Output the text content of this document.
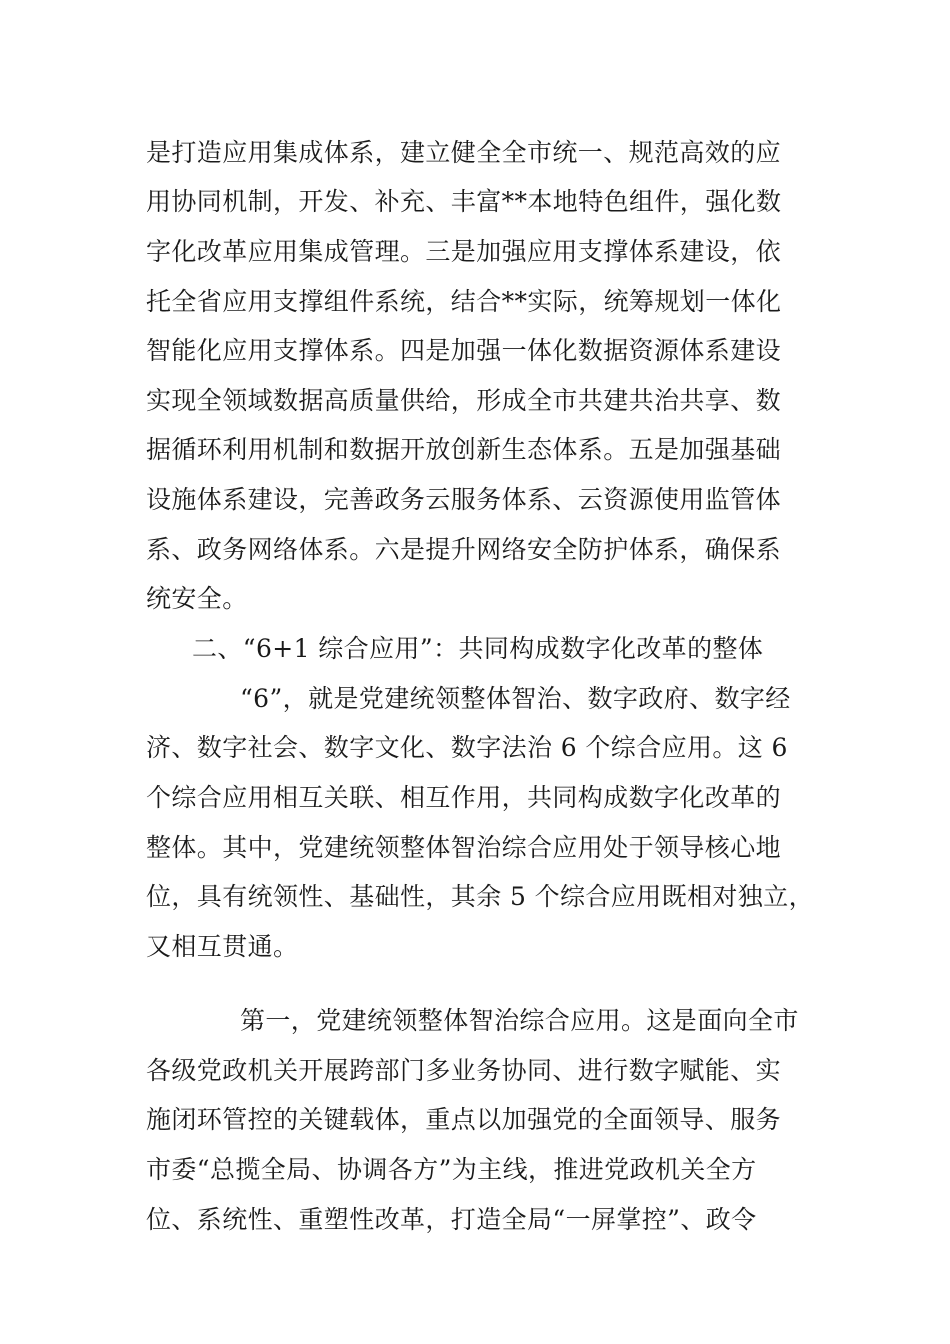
是打造应用集成体系，建立健全全市统一、规范高效的应
用协同机制，开发、补充、丰富**本地特色组件，强化数
字化改革应用集成管理。三是加强应用支撑体系建设，依
托全省应用支撑组件系统，结合**实际，统筹规划一体化
智能化应用支撑体系。四是加强一体化数据资源体系建设
实现全领域数据高质量供给，形成全市共建共治共享、数
据循环利用机制和数据开放创新生态体系。五是加强基础
设施体系建设，完善政务云服务体系、云资源使用监管体
系、政务网络体系。六是提升网络安全防护体系，确保系
统安全。
二、“6+1 综合应用”：共同构成数字化改革的整体
“6”，就是党建统领整体智治、数字政府、数字经
济、数字社会、数字文化、数字法治 6 个综合应用。这 6
个综合应用相互关联、相互作用，共同构成数字化改革的
整体。其中，党建统领整体智治综合应用处于领导核心地
位，具有统领性、基础性，其余 5 个综合应用既相对独立，
又相互贯通。
第一，党建统领整体智治综合应用。这是面向全市
各级党政机关开展跨部门多业务协同、进行数字赋能、实
施闭环管控的关键载体，重点以加强党的全面领导、服务
市委“总揽全局、协调各方”为主线，推进党政机关全方
位、系统性、重塑性改革，打造全局“一屏掌控”、政令
